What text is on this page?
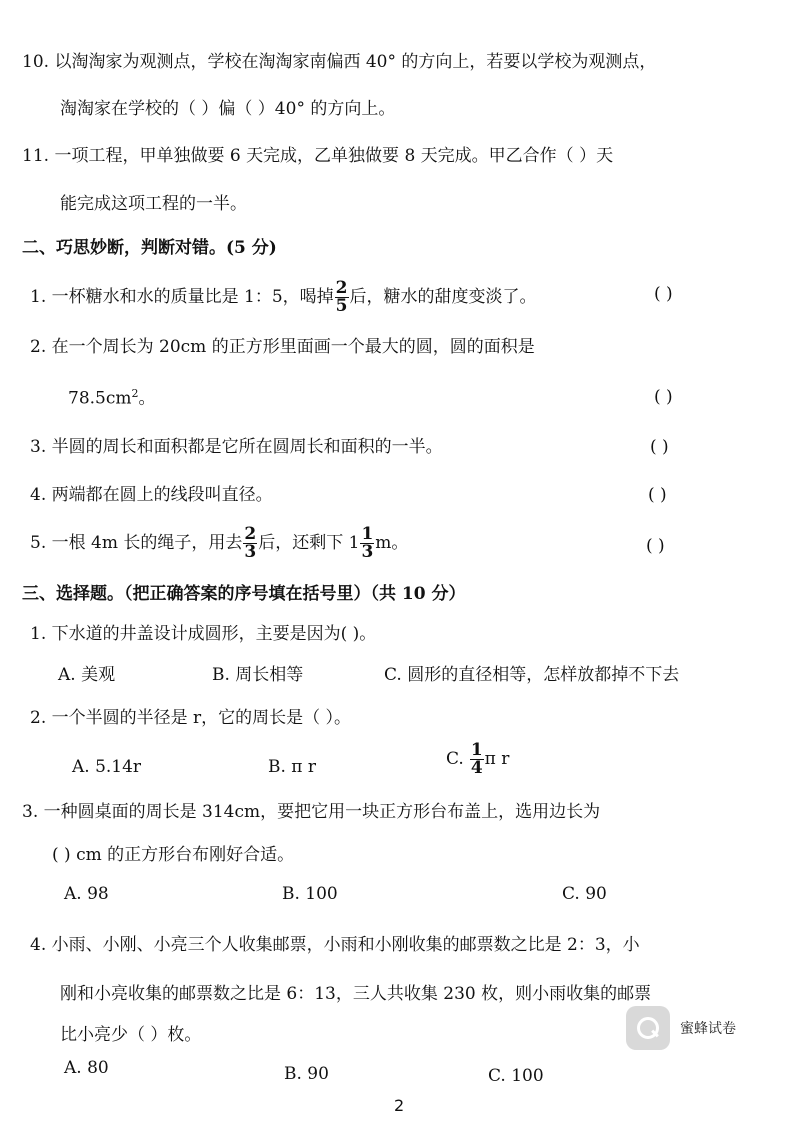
10. 以淘淘家为观测点，学校在淘淘家南偏西 40° 的方向上，若要以学校为观测点，
淘淘家在学校的（ ）偏（ ）40° 的方向上。
11. 一项工程，甲单独做要 6 天完成，乙单独做要 8 天完成。甲乙合作（ ）天
能完成这项工程的一半。
二、巧思妙断，判断对错。(5 分)
1. 一杯糖水和水的质量比是 1：5，喝掉 $\frac{2}{5}$ 后，糖水的甜度变淡了。	( )
2. 在一个周长为 20cm 的正方形里面画一个最大的圆，圆的面积是
$78.5cm^2$。	( )
3. 半圆的周长和面积都是它所在圆周长和面积的一半。	( )
4. 两端都在圆上的线段叫直径。	( )
5. 一根 4m 长的绳子，用去 $\frac{2}{3}$ 后，还剩下 $1 \frac{1}{3}$ m。	( )
三、选择题。（把正确答案的序号填在括号里）（共 10 分）
1. 下水道的井盖设计成圆形，主要是因为( )。
A. 美观	B. 周长相等	C. 圆形的直径相等，怎样放都掉不下去
2. 一个半圆的半径是 r，它的周长是（ ）。
A. 5.14r	B. π r	C. $\frac{1}{4}$ π r
3. 一种圆桌面的周长是 314cm，要把它用一块正方形台布盖上，选用边长为
( ) cm 的正方形台布刚好合适。
A. 98	B. 100	C. 90
4. 小雨、小刚、小亮三个人收集邮票，小雨和小刚收集的邮票数之比是 2：3，小
刚和小亮收集的邮票数之比是 6：13，三人共收集 230 枚，则小雨收集的邮票
比小亮少（ ）枚。
A. 80	B. 90	C. 100
蜜蜂试卷
2
